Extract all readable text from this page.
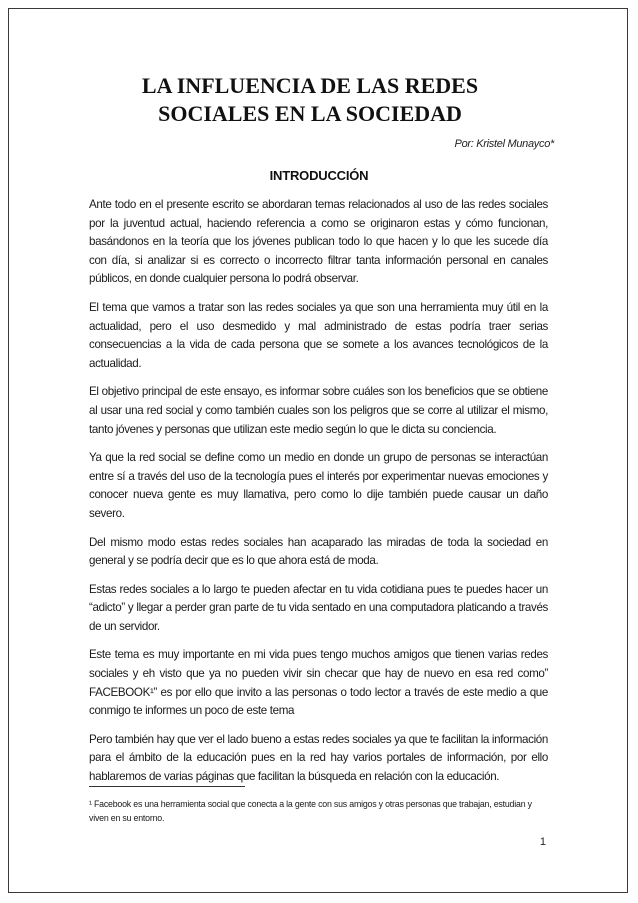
LA INFLUENCIA DE LAS REDES
SOCIALES EN LA SOCIEDAD
Por: Kristel Munayco*
INTRODUCCIÓN

Ante todo en el presente escrito se abordaran temas relacionados al uso de las redes sociales por la juventud actual, haciendo referencia a como se originaron estas y cómo funcionan, basándonos en la teoría que los jóvenes publican todo lo que hacen y lo que les sucede día con día, si analizar si es correcto o incorrecto filtrar tanta información personal en canales públicos, en donde cualquier persona lo podrá observar.

El tema que vamos a tratar son las redes sociales ya que son una herramienta muy útil en la actualidad, pero el uso desmedido y mal administrado de estas podría traer serias consecuencias a la vida de cada persona que se somete a los avances tecnológicos de la actualidad.

El objetivo principal de este ensayo, es informar sobre cuáles son los beneficios que se obtiene al usar una red social y como también cuales son los peligros que se corre al utilizar el mismo, tanto jóvenes y personas que utilizan este medio según lo que le dicta su conciencia.

Ya que la red social se define como un medio en donde un grupo de personas se interactúan entre sí a través del uso de la tecnología pues el interés por experimentar nuevas emociones y conocer nueva gente es muy llamativa, pero como lo dije también puede causar un daño severo.

Del mismo modo estas redes sociales han acaparado las miradas de toda la sociedad en general y se podría decir que es lo que ahora está de moda.

Estas redes sociales a lo largo te pueden afectar en tu vida cotidiana pues te puedes hacer un “adicto” y llegar a perder gran parte de tu vida sentado en una computadora platicando a través de un servidor.

Este tema es muy importante en mi vida pues tengo muchos amigos que tienen varias redes sociales y eh visto que ya no pueden vivir sin checar que hay de nuevo en esa red como” FACEBOOK¹” es por ello que invito a las personas o todo lector a través de este medio a que conmigo te informes un poco de este tema

Pero también hay que ver el lado bueno a estas redes sociales ya que te facilitan la información para el ámbito de la educación pues en la red hay varios portales de información, por ello hablaremos de varias páginas que facilitan la búsqueda en relación con la educación.

¹ Facebook es una herramienta social que conecta a la gente con sus amigos y otras personas que trabajan, estudian y viven en su entorno.
1
